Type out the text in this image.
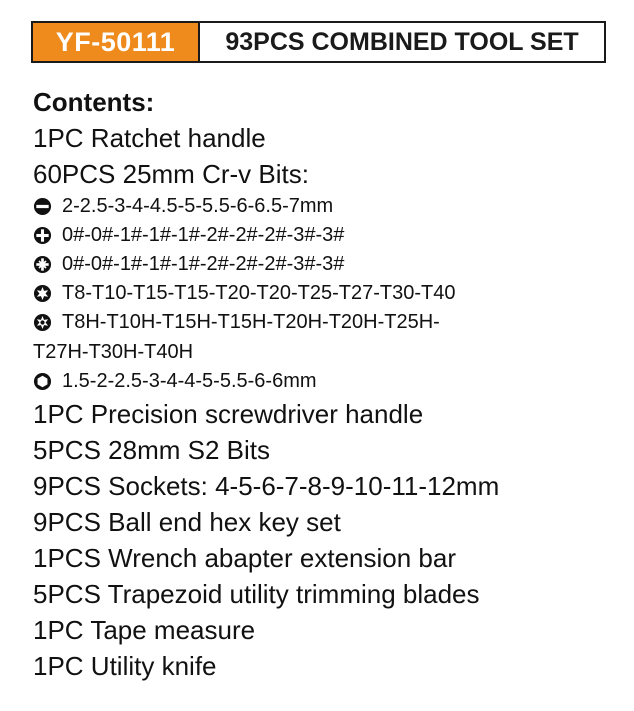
YF-50111	93PCS COMBINED TOOL SET
Contents:
1PC Ratchet handle
60PCS 25mm Cr-v Bits:
2-2.5-3-4-4.5-5-5.5-6-6.5-7mm
0#-0#-1#-1#-1#-2#-2#-2#-3#-3#
0#-0#-1#-1#-1#-2#-2#-2#-3#-3#
T8-T10-T15-T15-T20-T20-T25-T27-T30-T40
T8H-T10H-T15H-T15H-T20H-T20H-T25H-
T27H-T30H-T40H
1.5-2-2.5-3-4-4-5-5.5-6-6mm
1PC Precision screwdriver handle
5PCS 28mm S2 Bits
9PCS Sockets: 4-5-6-7-8-9-10-11-12mm
9PCS Ball end hex key set
1PCS Wrench abapter extension bar
5PCS Trapezoid utility trimming blades
1PC Tape measure
1PC Utility knife
